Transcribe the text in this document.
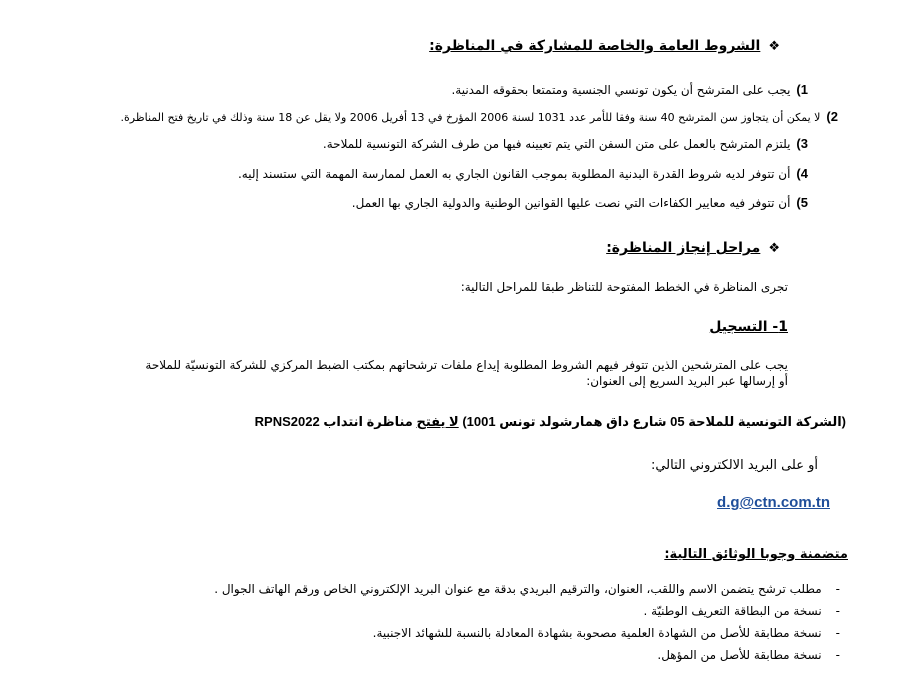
❖الشروط العامة والخاصة للمشاركة في المناظرة:
1)يجب على المترشح أن يكون تونسي الجنسية ومتمتعا بحقوقه المدنية.
2)لا يمكن أن يتجاوز سن المترشح 40 سنة وفقا للأمر عدد 1031 لسنة 2006 المؤرخ في 13 أفريل 2006 ولا يقل عن 18 سنة وذلك في تاريخ فتح المناظرة.
3)يلتزم المترشح بالعمل على متن السفن التي يتم تعيينه فيها من طرف الشركة التونسية للملاحة.
4)أن تتوفر لديه شروط القدرة البدنية المطلوبة بموجب القانون الجاري به العمل لممارسة المهمة التي ستسند إليه.
5)أن تتوفر فيه معايير الكفاءات التي نصت عليها القوانين الوطنية والدولية الجاري بها العمل.
❖مراحل إنجاز المناظرة:
تجرى المناظرة في الخطط المفتوحة للتناظر طبقا للمراحل التالية:
1- التسجيل
يجب على المترشحين الذين تتوفر فيهم الشروط المطلوبة إيداع ملفات ترشحاتهم بمكتب الضبط المركزي للشركة التونسيّة للملاحة
أو إرسالها عبر البريد السريع إلى العنوان:
(الشركة التونسية للملاحة 05 شارع داق همارشولد تونس 1001) لا يفتح مناظرة انتداب RPNS2022
أو على البريد الالكتروني التالي:
d.g@ctn.com.tn
متضمنة وجوبا الوثائق التالية:
-مطلب ترشح يتضمن الاسم واللقب، العنوان، والترقيم البريدي بدقة مع عنوان البريد الإلكتروني الخاص ورقم الهاتف الجوال .
-نسخة من البطاقة التعريف الوطنيّة .
-نسخة مطابقة للأصل من الشهادة العلمية مصحوبة بشهادة المعادلة بالنسبة للشهائد الاجنبية.
-نسخة مطابقة للأصل من المؤهل.
